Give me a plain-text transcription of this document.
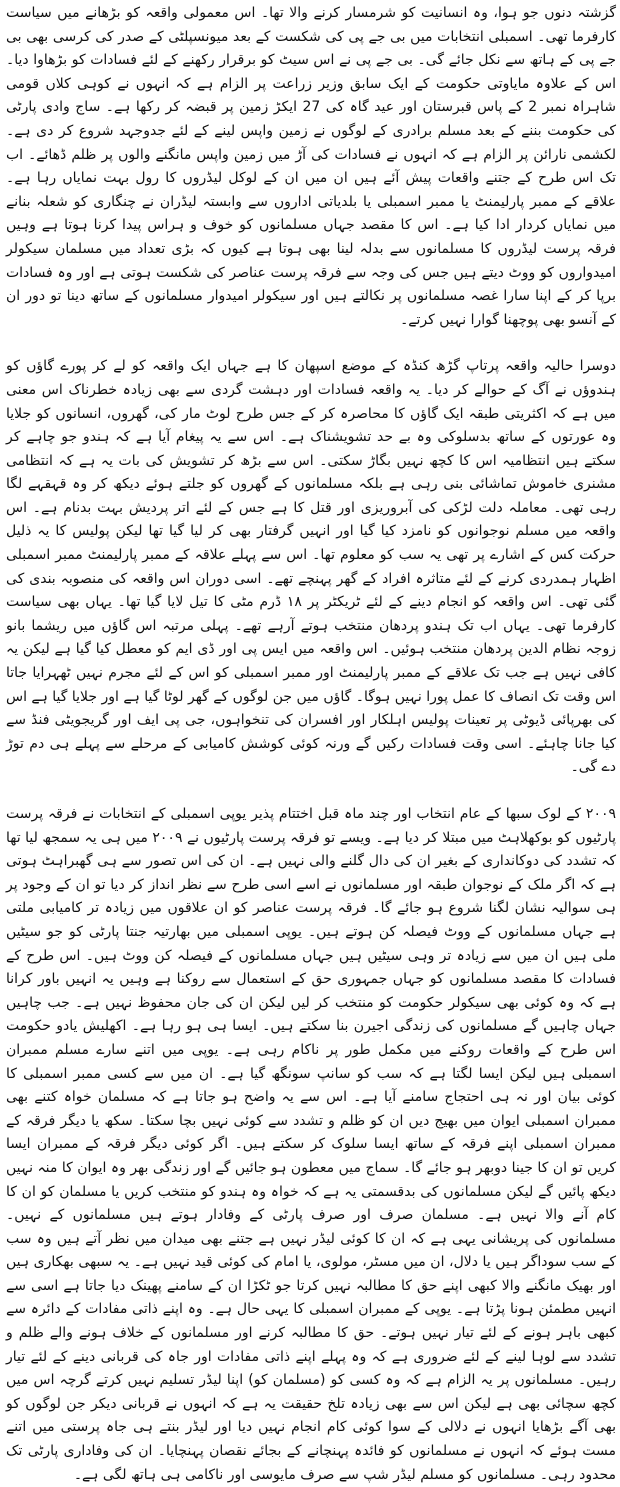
گزشتہ دنوں جو ہوا، وہ انسانیت کو شرمسار کرنے والا تھا۔ اس معمولی واقعہ کو بڑھانے میں سیاست کارفرما تھی۔ اسمبلی انتخابات میں بی جے پی کی شکست کے بعد میونسپلٹی کے صدر کی کرسی بھی بی جے پی کے ہاتھ سے نکل جائے گی۔ بی جے پی نے اس سیٹ کو برقرار رکھنے کے لئے فسادات کو بڑھاوا دیا۔ اس کے علاوہ مایاوتی حکومت کے ایک سابق وزیر زراعت پر الزام ہے کہ انہوں نے کوہی کلاں قومی شاہراہ نمبر 2 کے پاس قبرستان اور عید گاہ کی 27 ایکڑ زمین پر قبضہ کر رکھا ہے۔ ساج وادی پارٹی کی حکومت بننے کے بعد مسلم برادری کے لوگوں نے زمین واپس لینے کے لئے جدوجہد شروع کر دی ہے۔ لکشمی نارائن پر الزام ہے کہ انہوں نے فسادات کی آڑ میں زمین واپس مانگنے والوں پر ظلم ڈھائے۔ اب تک اس طرح کے جتنے واقعات پیش آئے ہیں ان میں ان کے لوکل لیڈروں کا رول بہت نمایاں رہا ہے۔ علاقے کے ممبر پارلیمنٹ یا ممبر اسمبلی یا بلدیاتی اداروں سے وابستہ لیڈران نے چنگاری کو شعلہ بنانے میں نمایاں کردار ادا کیا ہے۔ اس کا مقصد جہاں مسلمانوں کو خوف و ہراس پیدا کرنا ہوتا ہے وہیں فرقہ پرست لیڈروں کا مسلمانوں سے بدلہ لینا بھی ہوتا ہے کیوں کہ بڑی تعداد میں مسلمان سیکولر امیدواروں کو ووٹ دیتے ہیں جس کی وجہ سے فرقہ پرست عناصر کی شکست ہوتی ہے اور وہ فسادات برپا کر کے اپنا سارا غصہ مسلمانوں پر نکالتے ہیں اور سیکولر امیدوار مسلمانوں کے ساتھ دینا تو دور ان کے آنسو بھی پوچھنا گوارا نہیں کرتے۔

دوسرا حالیہ واقعہ پرتاپ گڑھ کنڈہ کے موضع اسپھان کا ہے جہاں ایک واقعہ کو لے کر پورے گاؤں کو ہندوؤں نے آگ کے حوالے کر دیا۔ یہ واقعہ فسادات اور دہشت گردی سے بھی زیادہ خطرناک اس معنی میں ہے کہ اکثریتی طبقہ ایک گاؤں کا محاصرہ کر کے جس طرح لوٹ مار کی، گھروں، انسانوں کو جلایا وہ عورتوں کے ساتھ بدسلوکی وہ بے حد تشویشناک ہے۔ اس سے یہ پیغام آیا ہے کہ ہندو جو چاہے کر سکتے ہیں انتظامیہ اس کا کچھ نہیں بگاڑ سکتی۔ اس سے بڑھ کر تشویش کی بات یہ ہے کہ انتظامی مشنری خاموش تماشائی بنی رہی ہے بلکہ مسلمانوں کے گھروں کو جلتے ہوئے دیکھ کر وہ قہقہے لگا رہی تھی۔ معاملہ دلت لڑکی کی آبروریزی اور قتل کا ہے جس کے لئے اتر پردیش بہت بدنام ہے۔ اس واقعہ میں مسلم نوجوانوں کو نامزد کیا گیا اور انہیں گرفتار بھی کر لیا گیا تھا لیکن پولیس کا یہ ذلیل حرکت کس کے اشارے پر تھی یہ سب کو معلوم تھا۔ اس سے پہلے علاقہ کے ممبر پارلیمنٹ ممبر اسمبلی اظہار ہمدردی کرنے کے لئے متاثرہ افراد کے گھر پہنچے تھے۔ اسی دوران اس واقعہ کی منصوبہ بندی کی گئی تھی۔ اس واقعہ کو انجام دینے کے لئے ٹریکٹر پر ۱۸ ڈرم مٹی کا تیل لایا گیا تھا۔ یہاں بھی سیاست کارفرما تھی۔ یہاں اب تک ہندو پردھان منتخب ہوتے آرہے تھے۔ پہلی مرتبہ اس گاؤں میں ریشما بانو زوجہ نظام الدین پردھان منتخب ہوئیں۔ اس واقعہ میں ایس پی اور ڈی ایم کو معطل کیا گیا ہے لیکن یہ کافی نہیں ہے جب تک علاقے کے ممبر پارلیمنٹ اور ممبر اسمبلی کو اس کے لئے مجرم نہیں ٹھہرایا جاتا اس وقت تک انصاف کا عمل پورا نہیں ہوگا۔ گاؤں میں جن لوگوں کے گھر لوٹا گیا ہے اور جلایا گیا ہے اس کی بھرپائی ڈیوٹی پر تعینات پولیس اہلکار اور افسران کی تنخواہوں، جی پی ایف اور گریجویٹی فنڈ سے کیا جانا چاہئے۔ اسی وقت فسادات رکیں گے ورنہ کوئی کوشش کامیابی کے مرحلے سے پہلے ہی دم توڑ دے گی۔

۲۰۰۹ کے لوک سبھا کے عام انتخاب اور چند ماہ قبل اختتام پذیر یوپی اسمبلی کے انتخابات نے فرقہ پرست پارٹیوں کو بوکھلاہٹ میں مبتلا کر دیا ہے۔ ویسے تو فرقہ پرست پارٹیوں نے ۲۰۰۹ میں ہی یہ سمجھ لیا تھا کہ تشدد کی دوکانداری کے بغیر ان کی دال گلنے والی نہیں ہے۔ ان کی اس تصور سے ہی گھبراہٹ ہوتی ہے کہ اگر ملک کے نوجوان طبقہ اور مسلمانوں نے اسے اسی طرح سے نظر انداز کر دیا تو ان کے وجود پر ہی سوالیہ نشان لگنا شروع ہو جائے گا۔ فرقہ پرست عناصر کو ان علاقوں میں زیادہ تر کامیابی ملتی ہے جہاں مسلمانوں کے ووٹ فیصلہ کن ہوتے ہیں۔ یوپی اسمبلی میں بھارتیہ جنتا پارٹی کو جو سیٹیں ملی ہیں ان میں سے زیادہ تر وہی سیٹیں ہیں جہاں مسلمانوں کے فیصلہ کن ووٹ ہیں۔ اس طرح کے فسادات کا مقصد مسلمانوں کو جہاں جمہوری حق کے استعمال سے روکنا ہے وہیں یہ انہیں باور کرانا ہے کہ وہ کوئی بھی سیکولر حکومت کو منتخب کر لیں لیکن ان کی جان محفوظ نہیں ہے۔ جب چاہیں جہاں چاہیں گے مسلمانوں کی زندگی اجیرن بنا سکتے ہیں۔ ایسا ہی ہو رہا ہے۔ اکھلیش یادو حکومت اس طرح کے واقعات روکنے میں مکمل طور پر ناکام رہی ہے۔ یوپی میں اتنے سارے مسلم ممبران اسمبلی ہیں لیکن ایسا لگتا ہے کہ سب کو سانپ سونگھ گیا ہے۔ ان میں سے کسی ممبر اسمبلی کا کوئی بیان اور نہ ہی احتجاج سامنے آیا ہے۔ اس سے یہ واضح ہو جاتا ہے کہ مسلمان خواہ کتنے بھی ممبران اسمبلی ایوان میں بھیج دیں ان کو ظلم و تشدد سے کوئی نہیں بچا سکتا۔ سکھ یا دیگر فرقہ کے ممبران اسمبلی اپنے فرقہ کے ساتھ ایسا سلوک کر سکتے ہیں۔ اگر کوئی دیگر فرقہ کے ممبران ایسا کریں تو ان کا جینا دوبھر ہو جائے گا۔ سماج میں معطون ہو جائیں گے اور زندگی بھر وہ ایوان کا منہ نہیں دیکھ پائیں گے لیکن مسلمانوں کی بدقسمتی یہ ہے کہ خواہ وہ ہندو کو منتخب کریں یا مسلمان کو ان کا کام آنے والا نہیں ہے۔ مسلمان صرف اور صرف پارٹی کے وفادار ہوتے ہیں مسلمانوں کے نہیں۔ مسلمانوں کی پریشانی یہی ہے کہ ان کا کوئی لیڈر نہیں ہے جتنے بھی میدان میں نظر آتے ہیں وہ سب کے سب سوداگر ہیں یا دلال، ان میں مسٹر، مولوی، یا امام کی کوئی قید نہیں ہے۔ یہ سبھی بھکاری ہیں اور بھیک مانگنے والا کبھی اپنے حق کا مطالبہ نہیں کرتا جو ٹکڑا ان کے سامنے پھینک دیا جاتا ہے اسی سے انہیں مطمئن ہونا پڑتا ہے۔ یوپی کے ممبران اسمبلی کا یہی حال ہے۔ وہ اپنے ذاتی مفادات کے دائرہ سے کبھی باہر ہونے کے لئے تیار نہیں ہوتے۔ حق کا مطالبہ کرنے اور مسلمانوں کے خلاف ہونے والے ظلم و تشدد سے لوہا لینے کے لئے ضروری ہے کہ وہ پہلے اپنے ذاتی مفادات اور جاہ کی قربانی دینے کے لئے تیار رہیں۔ مسلمانوں پر یہ الزام ہے کہ وہ کسی کو (مسلمان کو) اپنا لیڈر تسلیم نہیں کرتے گرچہ اس میں کچھ سچائی بھی ہے لیکن اس سے بھی زیادہ تلخ حقیقت یہ ہے کہ انہوں نے قربانی دیکر جن لوگوں کو بھی آگے بڑھایا انہوں نے دلالی کے سوا کوئی کام انجام نہیں دیا اور لیڈر بنتے ہی جاہ پرستی میں اتنے مست ہوئے کہ انہوں نے مسلمانوں کو فائدہ پہنچانے کے بجائے نقصان پہنچایا۔ ان کی وفاداری پارٹی تک محدود رہی۔ مسلمانوں کو مسلم لیڈر شپ سے صرف مایوسی اور ناکامی ہی ہاتھ لگی ہے۔
